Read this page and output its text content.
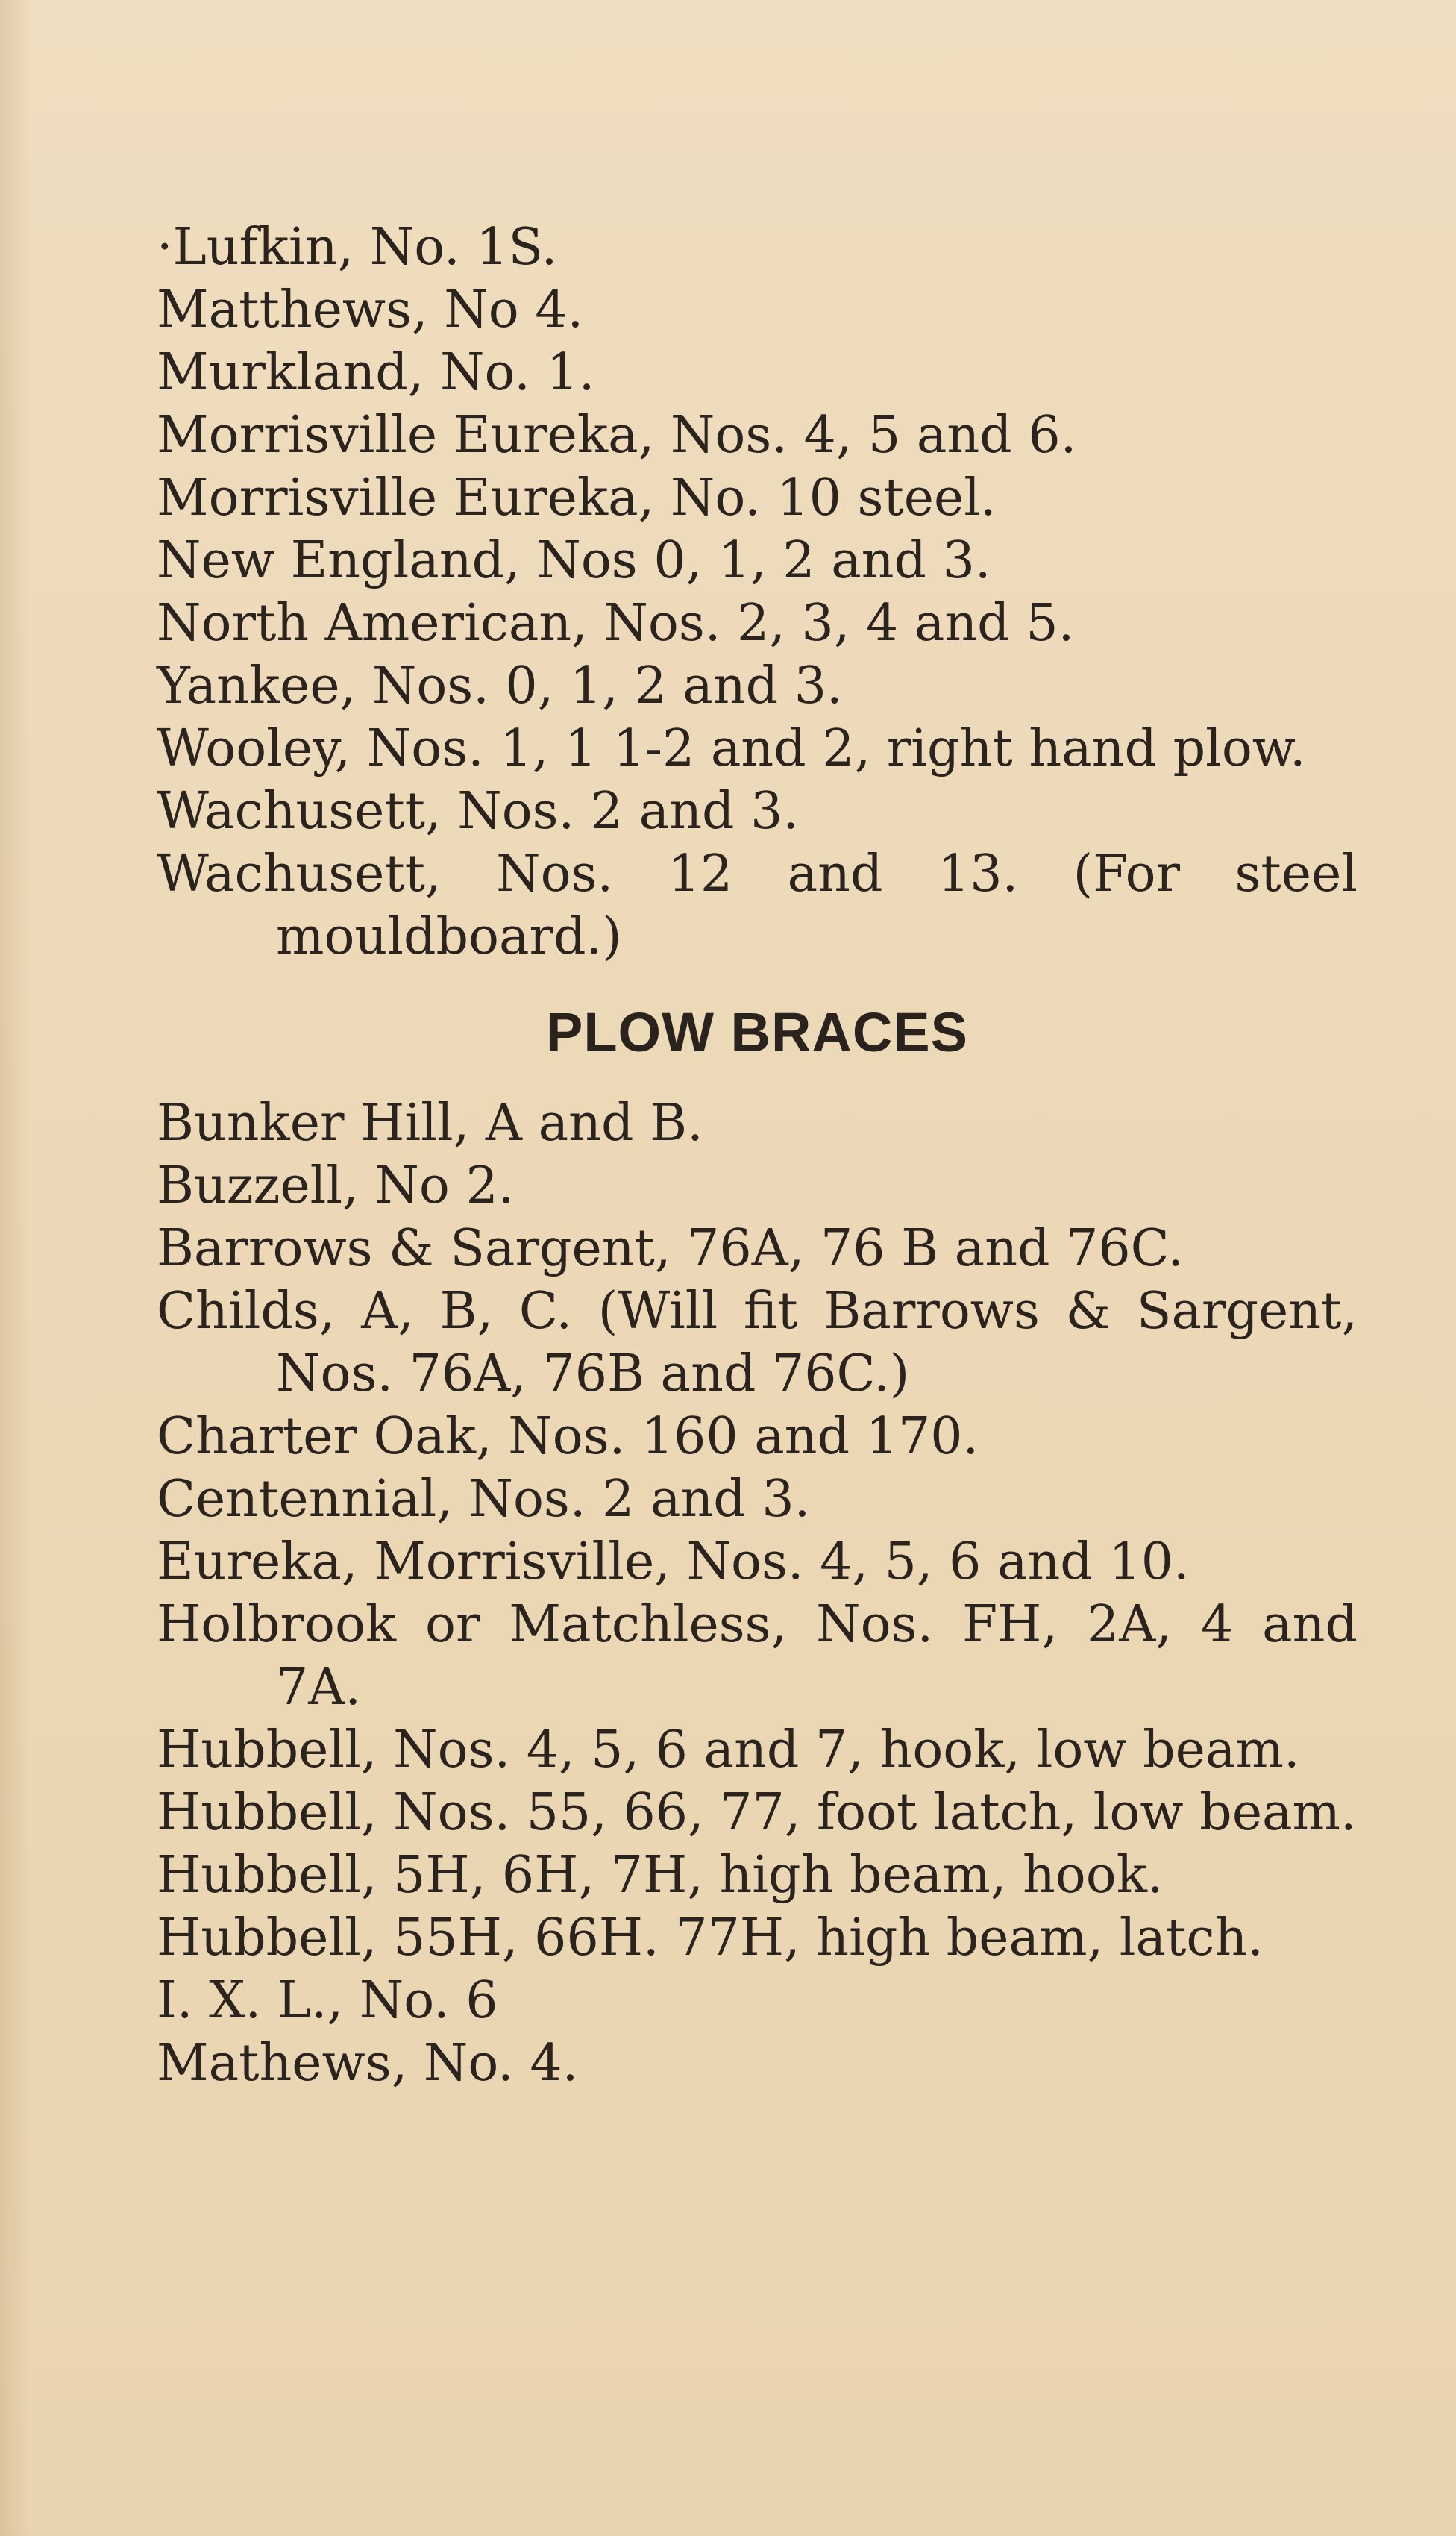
·Lufkin, No. 1S.

Matthews, No 4.

Murkland, No. 1.

Morrisville Eureka, Nos. 4, 5 and 6.

Morrisville Eureka, No. 10 steel.

New England, Nos 0, 1, 2 and 3.

North American, Nos. 2, 3, 4 and 5.

Yankee, Nos. 0, 1, 2 and 3.

Wooley, Nos. 1, 1 1-2 and 2, right hand plow.

Wachusett, Nos. 2 and 3.

Wachusett, Nos. 12 and 13. (For steel mouldboard.)

PLOW BRACES

Bunker Hill, A and B.

Buzzell, No 2.

Barrows & Sargent, 76A, 76 B and 76C.

Childs, A, B, C. (Will fit Barrows & Sargent, Nos. 76A, 76B and 76C.)

Charter Oak, Nos. 160 and 170.

Centennial, Nos. 2 and 3.

Eureka, Morrisville, Nos. 4, 5, 6 and 10.

Holbrook or Matchless, Nos. FH, 2A, 4 and 7A.

Hubbell, Nos. 4, 5, 6 and 7, hook, low beam.

Hubbell, Nos. 55, 66, 77, foot latch, low beam.

Hubbell, 5H, 6H, 7H, high beam, hook.

Hubbell, 55H, 66H. 77H, high beam, latch.

I. X. L., No. 6

Mathews, No. 4.
